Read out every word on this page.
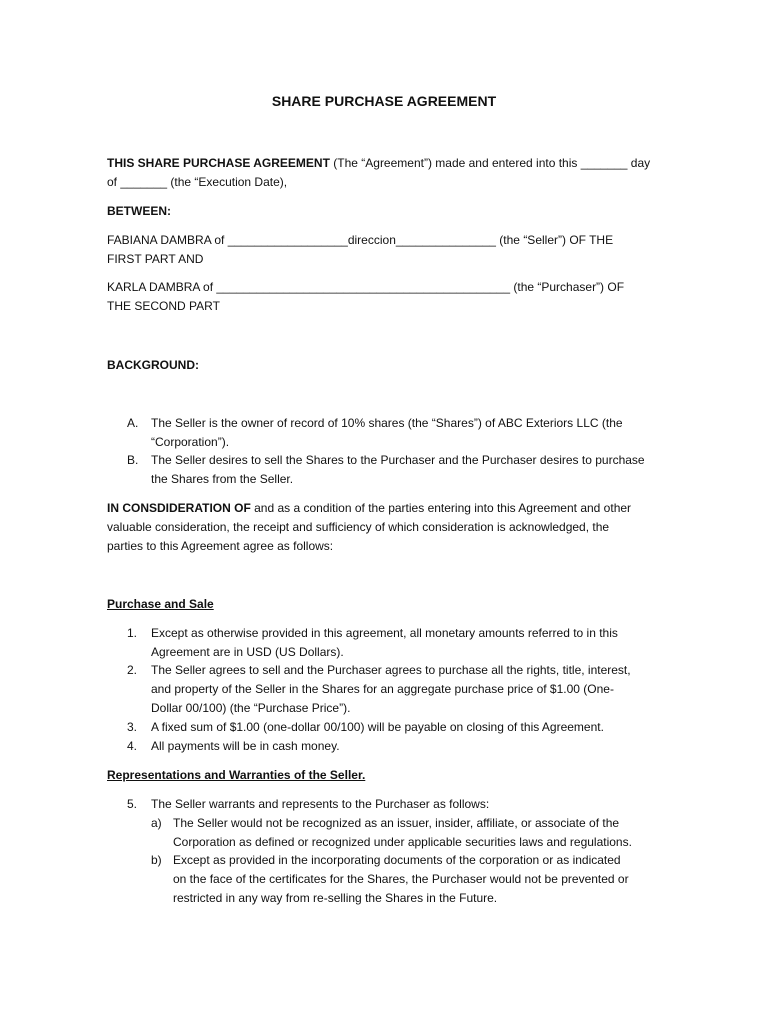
SHARE PURCHASE AGREEMENT
THIS SHARE PURCHASE AGREEMENT (The “Agreement”) made and entered into this _______ day
of _______ (the “Execution Date),
BETWEEN:
FABIANA DAMBRA of __________________direccion_______________ (the “Seller”) OF THE
FIRST PART AND
KARLA DAMBRA of ____________________________________________ (the “Purchaser”) OF
THE SECOND PART
BACKGROUND:
A.	The Seller is the owner of record of 10% shares (the “Shares”) of ABC Exteriors LLC (the
“Corporation”).
B.	The Seller desires to sell the Shares to the Purchaser and the Purchaser desires to purchase
the Shares from the Seller.
IN CONSDIDERATION OF and as a condition of the parties entering into this Agreement and other
valuable consideration, the receipt and sufficiency of which consideration is acknowledged, the
parties to this Agreement agree as follows:
Purchase and Sale
1.	Except as otherwise provided in this agreement, all monetary amounts referred to in this
Agreement are in USD (US Dollars).
2.	The Seller agrees to sell and the Purchaser agrees to purchase all the rights, title, interest,
and property of the Seller in the Shares for an aggregate purchase price of $1.00 (One-
Dollar 00/100) (the “Purchase Price”).
3.	A fixed sum of $1.00 (one-dollar 00/100) will be payable on closing of this Agreement.
4.	All payments will be in cash money.
Representations and Warranties of the Seller.
5.	The Seller warrants and represents to the Purchaser as follows:
a) The Seller would not be recognized as an issuer, insider, affiliate, or associate of the
Corporation as defined or recognized under applicable securities laws and regulations.
b) Except as provided in the incorporating documents of the corporation or as indicated
on the face of the certificates for the Shares, the Purchaser would not be prevented or
restricted in any way from re-selling the Shares in the Future.
